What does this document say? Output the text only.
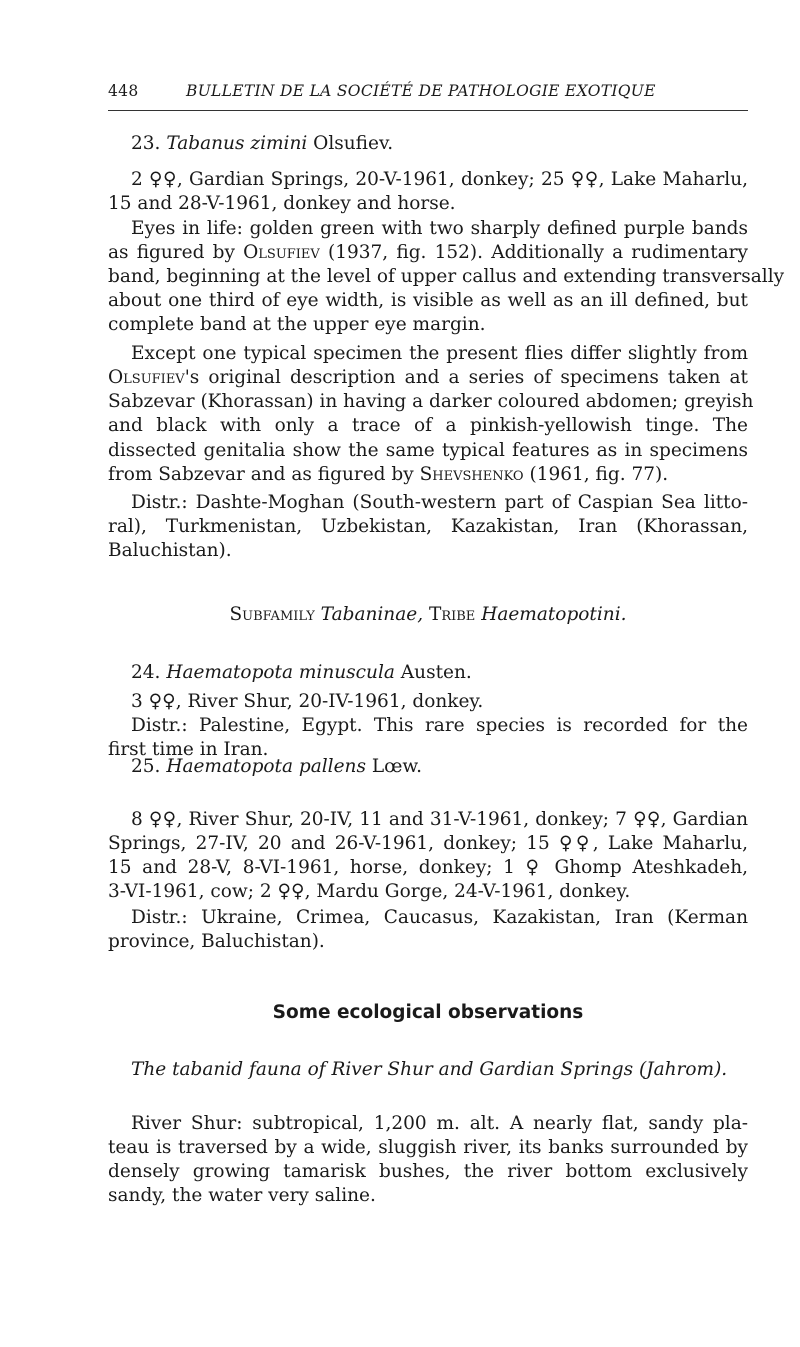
448	BULLETIN DE LA SOCIÉTÉ DE PATHOLOGIE EXOTIQUE
23. Tabanus zimini Olsufiev.
2 ♀♀, Gardian Springs, 20-V-1961, donkey; 25 ♀♀, Lake Maharlu,
15 and 28-V-1961, donkey and horse.
Eyes in life: golden green with two sharply defined purple bands
as figured by Olsufiev (1937, fig. 152). Additionally a rudimentary
band, beginning at the level of upper callus and extending transversally
about one third of eye width, is visible as well as an ill defined, but
complete band at the upper eye margin.
Except one typical specimen the present flies differ slightly from
Olsufiev's original description and a series of specimens taken at
Sabzevar (Khorassan) in having a darker coloured abdomen; greyish
and black with only a trace of a pinkish-yellowish tinge. The
dissected genitalia show the same typical features as in specimens
from Sabzevar and as figured by Shevshenko (1961, fig. 77).
Distr.: Dashte-Moghan (South-western part of Caspian Sea litto-
ral), Turkmenistan, Uzbekistan, Kazakistan, Iran (Khorassan,
Baluchistan).
Subfamily Tabaninae, Tribe Haematopotini.
24. Haematopota minuscula Austen.
3 ♀♀, River Shur, 20-IV-1961, donkey.
Distr.: Palestine, Egypt. This rare species is recorded for the
first time in Iran.
25. Haematopota pallens Lœw.
8 ♀♀, River Shur, 20-IV, 11 and 31-V-1961, donkey; 7 ♀♀, Gardian
Springs, 27-IV, 20 and 26-V-1961, donkey; 15 ♀♀, Lake Maharlu,
15 and 28-V, 8-VI-1961, horse, donkey; 1 ♀ Ghomp Ateshkadeh,
3-VI-1961, cow; 2 ♀♀, Mardu Gorge, 24-V-1961, donkey.
Distr.: Ukraine, Crimea, Caucasus, Kazakistan, Iran (Kerman
province, Baluchistan).
Some ecological observations
The tabanid fauna of River Shur and Gardian Springs (Jahrom).
River Shur: subtropical, 1,200 m. alt. A nearly flat, sandy pla-
teau is traversed by a wide, sluggish river, its banks surrounded by
densely growing tamarisk bushes, the river bottom exclusively
sandy, the water very saline.
